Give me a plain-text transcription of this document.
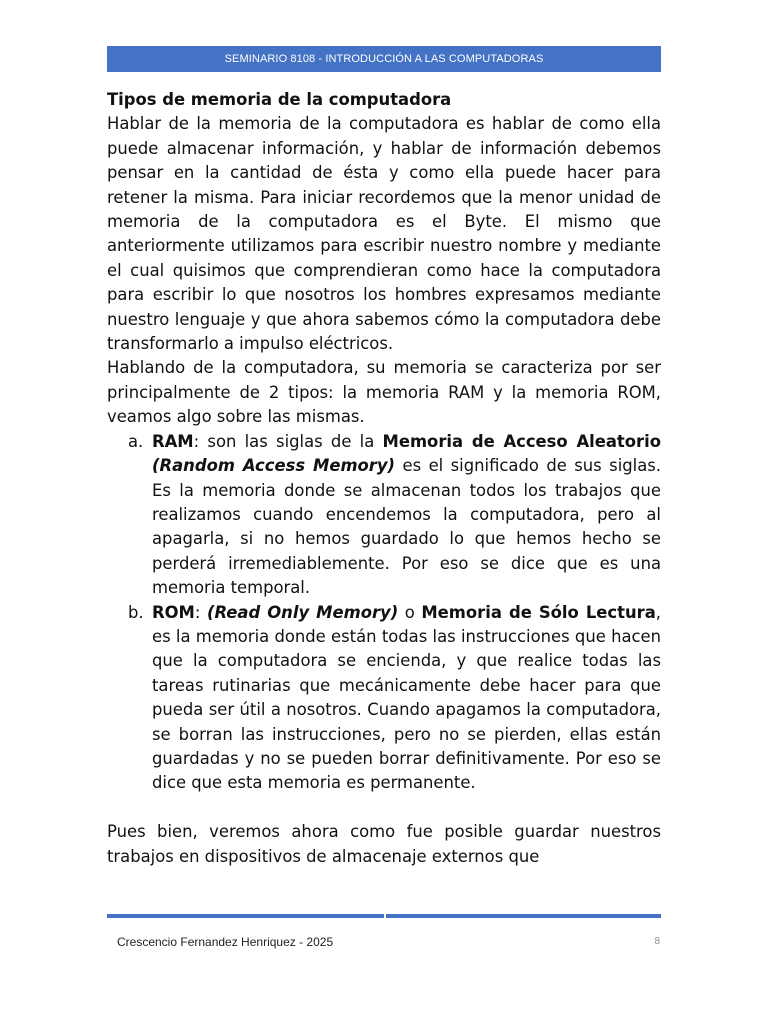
SEMINARIO 8108 - INTRODUCCIÓN A LAS COMPUTADORAS

Tipos de memoria de la computadora

Hablar de la memoria de la computadora es hablar de como ella puede almacenar información, y hablar de información debemos pensar en la cantidad de ésta y como ella puede hacer para retener la misma. Para iniciar recordemos que la menor unidad de memoria de la computadora es el Byte. El mismo que anteriormente utilizamos para escribir nuestro nombre y mediante el cual quisimos que comprendieran como hace la computadora para escribir lo que nosotros los hombres expresamos mediante nuestro lenguaje y que ahora sabemos cómo la computadora debe transformarlo a impulso eléctricos.

Hablando de la computadora, su memoria se caracteriza por ser principalmente de 2 tipos: la memoria RAM y la memoria ROM, veamos algo sobre las mismas.

a. RAM: son las siglas de la Memoria de Acceso Aleatorio (Random Access Memory) es el significado de sus siglas. Es la memoria donde se almacenan todos los trabajos que realizamos cuando encendemos la computadora, pero al apagarla, si no hemos guardado lo que hemos hecho se perderá irremediablemente. Por eso se dice que es una memoria temporal.
b. ROM: (Read Only Memory) o Memoria de Sólo Lectura, es la memoria donde están todas las instrucciones que hacen que la computadora se encienda, y que realice todas las tareas rutinarias que mecánicamente debe hacer para que pueda ser útil a nosotros. Cuando apagamos la computadora, se borran las instrucciones, pero no se pierden, ellas están guardadas y no se pueden borrar definitivamente. Por eso se dice que esta memoria es permanente.

Pues bien, veremos ahora como fue posible guardar nuestros trabajos en dispositivos de almacenaje externos que

Crescencio Fernandez Henriquez - 2025	8
